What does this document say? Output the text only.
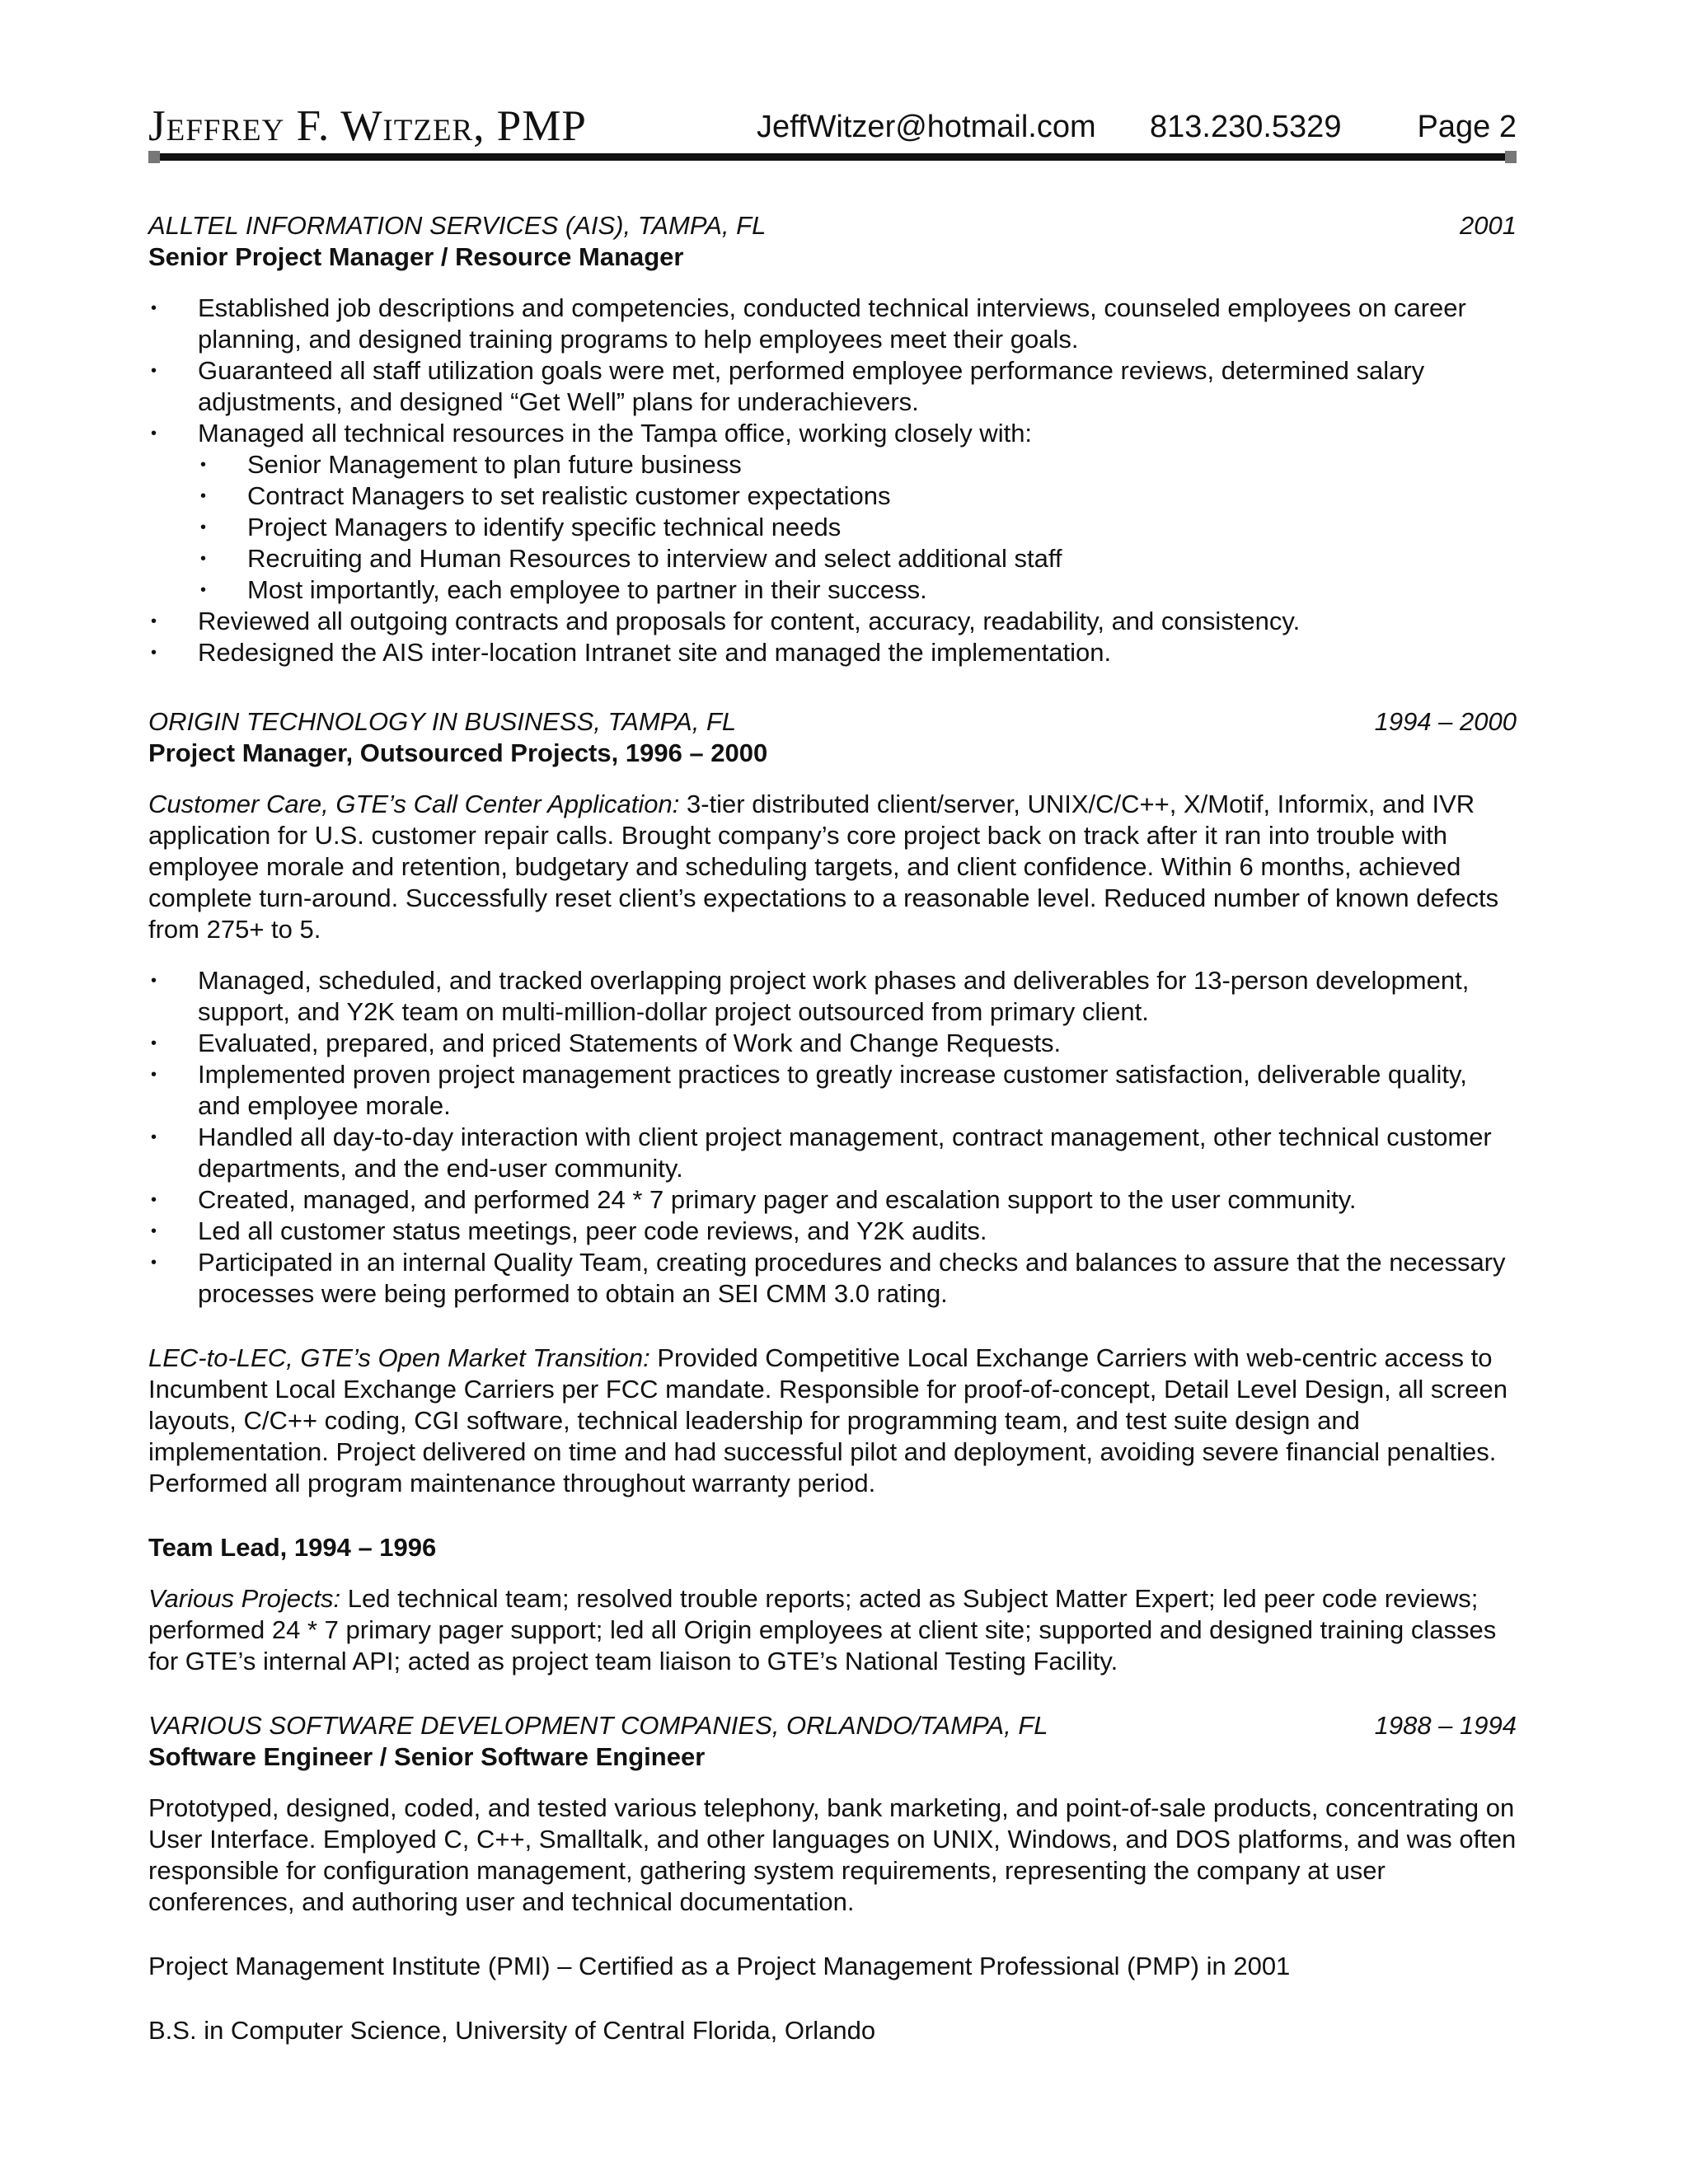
Jeffrey F. Witzer, PMP	JeffWitzer@hotmail.com 813.230.5329 Page 2
ALLTEL INFORMATION SERVICES (AIS), TAMPA, FL	2001

Senior Project Manager / Resource Manager

• Established job descriptions and competencies, conducted technical interviews, counseled employees on career planning, and designed training programs to help employees meet their goals.
• Guaranteed all staff utilization goals were met, performed employee performance reviews, determined salary adjustments, and designed “Get Well” plans for underachievers.
• Managed all technical resources in the Tampa office, working closely with:
• Senior Management to plan future business
• Contract Managers to set realistic customer expectations
• Project Managers to identify specific technical needs
• Recruiting and Human Resources to interview and select additional staff
• Most importantly, each employee to partner in their success.
• Reviewed all outgoing contracts and proposals for content, accuracy, readability, and consistency.
• Redesigned the AIS inter-location Intranet site and managed the implementation.
ORIGIN TECHNOLOGY IN BUSINESS, TAMPA, FL	1994 – 2000

Project Manager, Outsourced Projects, 1996 – 2000

Customer Care, GTE’s Call Center Application: 3-tier distributed client/server, UNIX/C/C++, X/Motif, Informix, and IVR application for U.S. customer repair calls. Brought company’s core project back on track after it ran into trouble with employee morale and retention, budgetary and scheduling targets, and client confidence. Within 6 months, achieved complete turn-around. Successfully reset client’s expectations to a reasonable level. Reduced number of known defects from 275+ to 5.

• Managed, scheduled, and tracked overlapping project work phases and deliverables for 13-person development, support, and Y2K team on multi-million-dollar project outsourced from primary client.
• Evaluated, prepared, and priced Statements of Work and Change Requests.
• Implemented proven project management practices to greatly increase customer satisfaction, deliverable quality, and employee morale.
• Handled all day-to-day interaction with client project management, contract management, other technical customer departments, and the end-user community.
• Created, managed, and performed 24 * 7 primary pager and escalation support to the user community.
• Led all customer status meetings, peer code reviews, and Y2K audits.
• Participated in an internal Quality Team, creating procedures and checks and balances to assure that the necessary processes were being performed to obtain an SEI CMM 3.0 rating.

LEC-to-LEC, GTE’s Open Market Transition: Provided Competitive Local Exchange Carriers with web-centric access to Incumbent Local Exchange Carriers per FCC mandate. Responsible for proof-of-concept, Detail Level Design, all screen layouts, C/C++ coding, CGI software, technical leadership for programming team, and test suite design and implementation. Project delivered on time and had successful pilot and deployment, avoiding severe financial penalties. Performed all program maintenance throughout warranty period.

Team Lead, 1994 – 1996

Various Projects: Led technical team; resolved trouble reports; acted as Subject Matter Expert; led peer code reviews; performed 24 * 7 primary pager support; led all Origin employees at client site; supported and designed training classes for GTE’s internal API; acted as project team liaison to GTE’s National Testing Facility.

VARIOUS SOFTWARE DEVELOPMENT COMPANIES, ORLANDO/TAMPA, FL	1988 – 1994

Software Engineer / Senior Software Engineer

Prototyped, designed, coded, and tested various telephony, bank marketing, and point-of-sale products, concentrating on User Interface. Employed C, C++, Smalltalk, and other languages on UNIX, Windows, and DOS platforms, and was often responsible for configuration management, gathering system requirements, representing the company at user conferences, and authoring user and technical documentation.

Project Management Institute (PMI) – Certified as a Project Management Professional (PMP) in 2001

B.S. in Computer Science, University of Central Florida, Orlando
